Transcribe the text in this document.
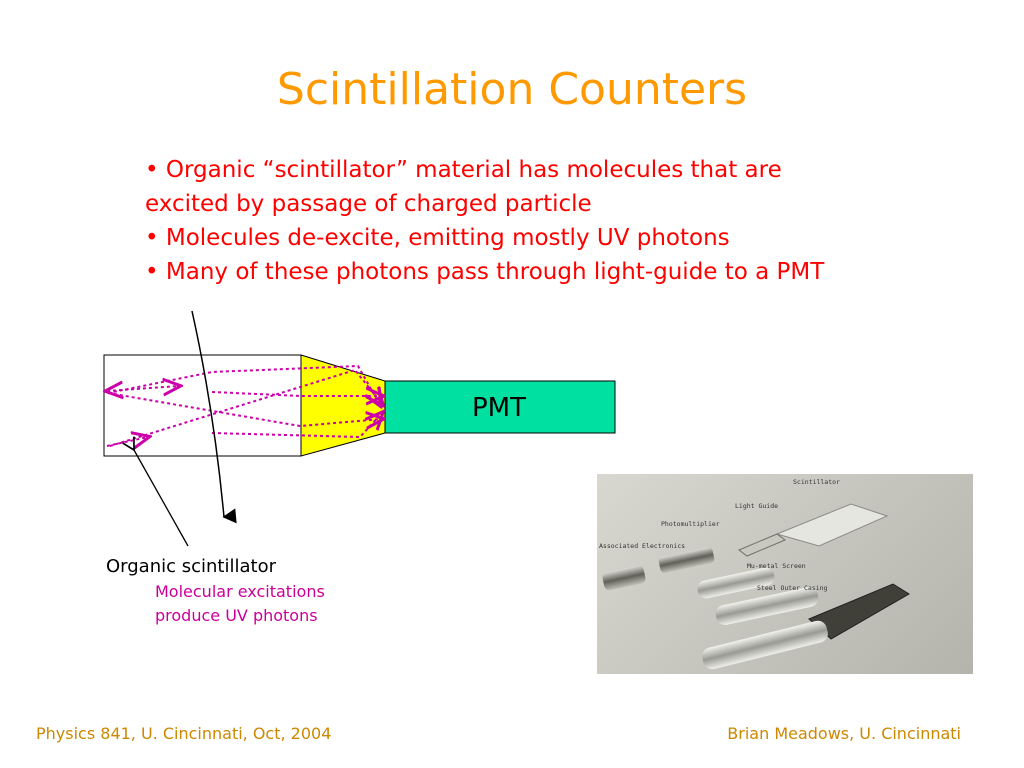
Scintillation Counters
• Organic “scintillator” material has molecules that are
excited by passage of charged particle
• Molecules de-excite, emitting mostly UV photons
• Many of these photons pass through light-guide to a PMT
PMT
Organic scintillator
Molecular excitations
produce UV photons
Scintillator
Light Guide
Photomultiplier
Associated Electronics
Mu-metal Screen
Steel Outer Casing
Physics 841, U. Cincinnati, Oct, 2004	Brian Meadows, U. Cincinnati
